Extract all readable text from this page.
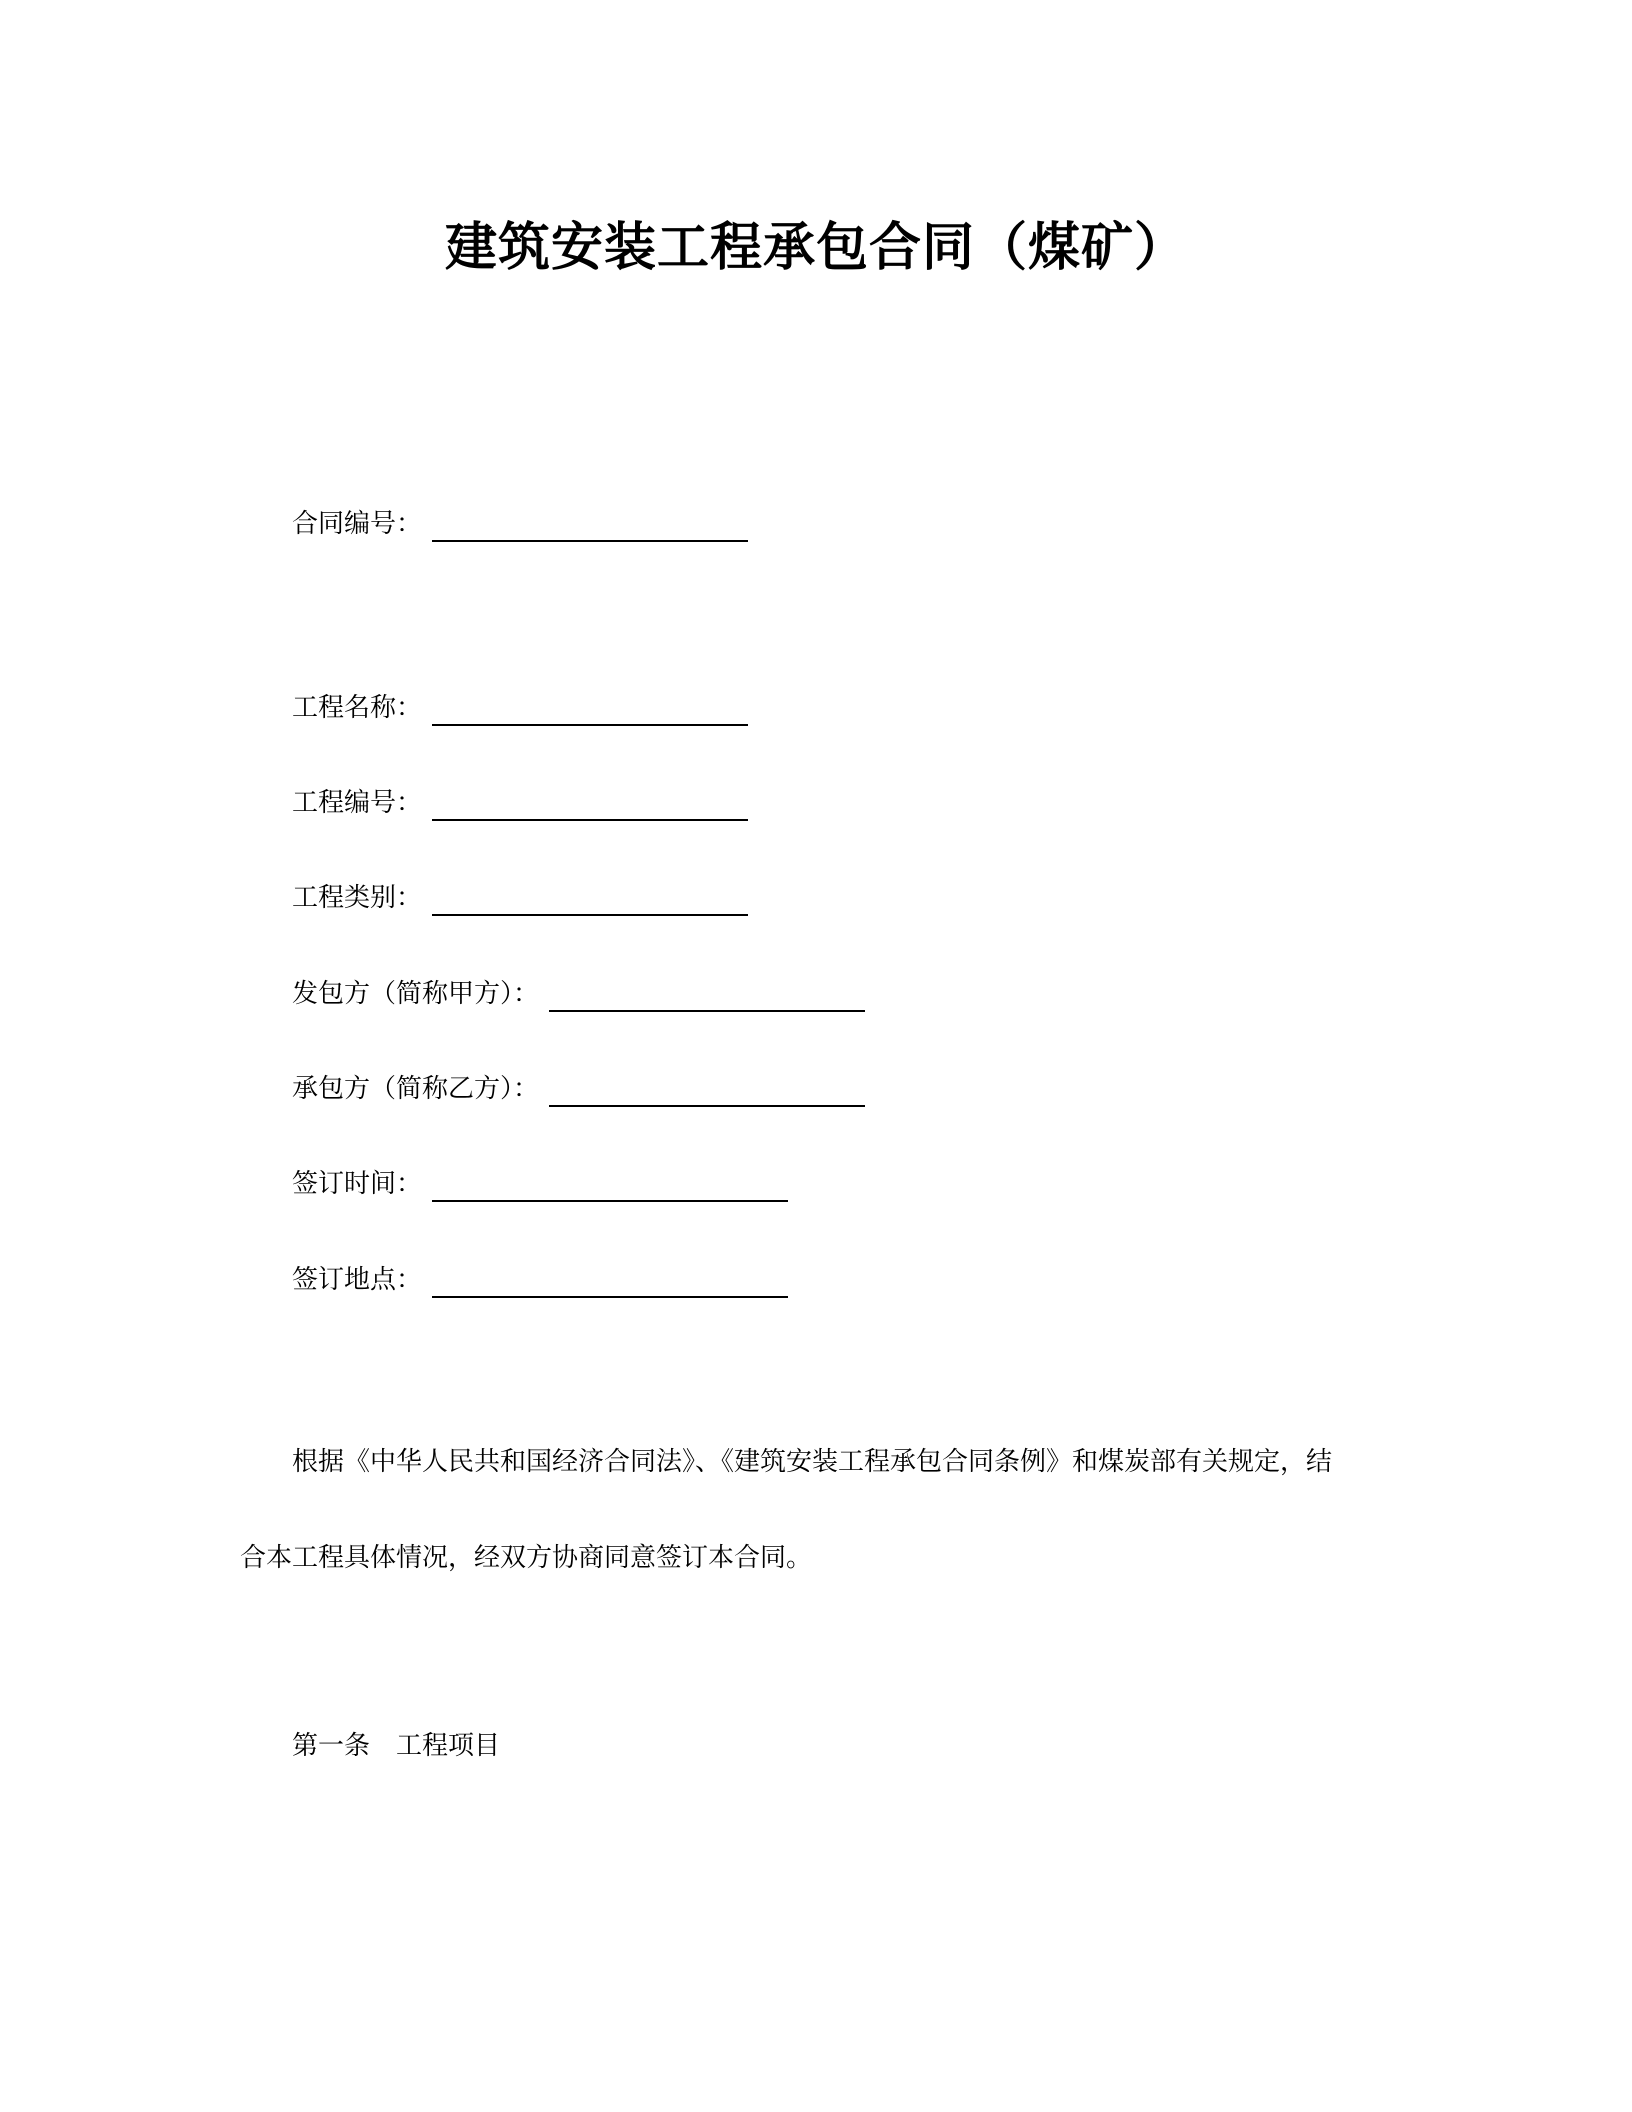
建筑安装工程承包合同（煤矿）
合同编号：
工程名称：
工程编号：
工程类别：
发包方（简称甲方）：
承包方（简称乙方）：
签订时间：
签订地点：
根据《中华人民共和国经济合同法》、《建筑安装工程承包合同条例》和煤炭部有关规定，结
合本工程具体情况，经双方协商同意签订本合同。
第一条　工程项目
